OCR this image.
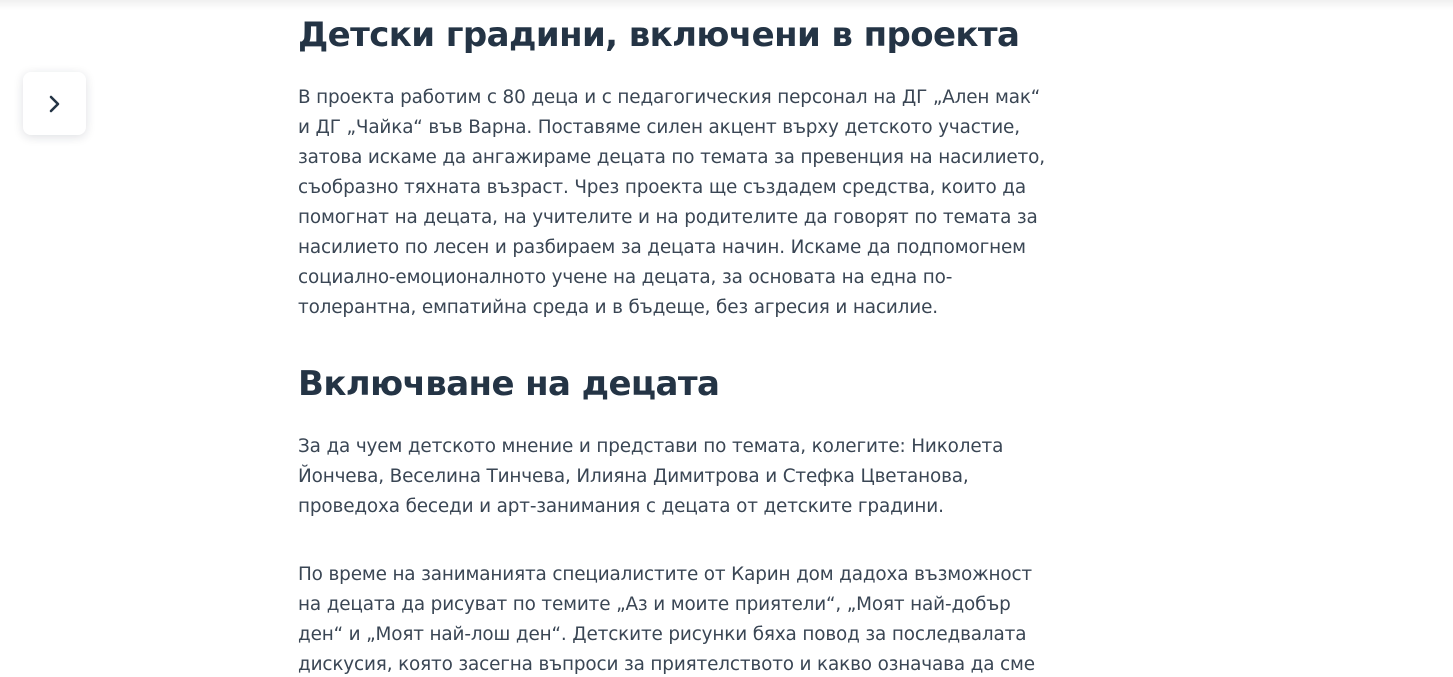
Детски градини, включени в проекта

В проекта работим с 80 деца и с педагогическия персонал на ДГ „Ален мак“
и ДГ „Чайка“ във Варна. Поставяме силен акцент върху детското участие,
затова искаме да ангажираме децата по темата за превенция на насилието,
съобразно тяхната възраст. Чрез проекта ще създадем средства, които да
помогнат на децата, на учителите и на родителите да говорят по темата за
насилието по лесен и разбираем за децата начин. Искаме да подпомогнем
социално-емоционалното учене на децата, за основата на една по-
толерантна, емпатийна среда и в бъдеще, без агресия и насилие.

Включване на децата

За да чуем детското мнение и представи по темата, колегите: Николета
Йончева, Веселина Тинчева, Илияна Димитрова и Стефка Цветанова,
проведоха беседи и арт-занимания с децата от детските градини.

По време на заниманията специалистите от Карин дом дадоха възможност
на децата да рисуват по темите „Аз и моите приятели“, „Моят най-добър
ден“ и „Моят най-лош ден“. Детските рисунки бяха повод за последвалата
дискусия, която засегна въпроси за приятелството и какво означава да сме
